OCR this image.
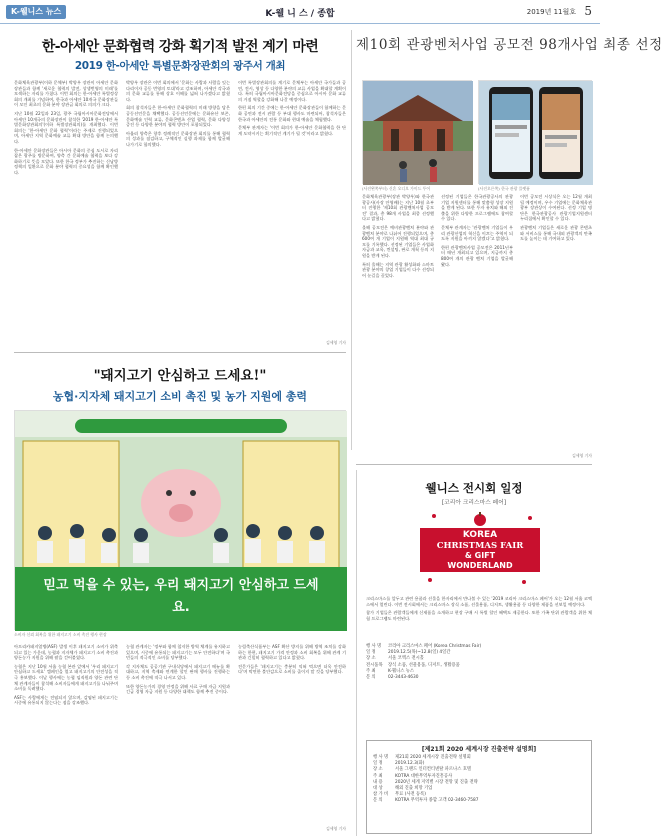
K-웰니스 뉴스	K-웰 니 스 / 종합	2019년 11월호 5
한-아세안 문화협력 강화 획기적 발전 계기 마련
2019 한-아세안 특별문화장관회의 광주서 개최

문화체육관광부(이하 문체부) 박양우 장관이 아세안 문화장관들과 함께 '새로운 협력의 발전, 상생번영의 미래'를 모색하는 자리를 가졌다. 이번 회의는 한-아세안 특별정상회의 개최를 기념하여, 한국과 아세안 10개국 문화장관들이 모인 최초의 문화 분야 장관급 회의로 의의가 크다.

지난 10월 22일과 23일, 광주 국립아시아문화전당에서 아세안 10개국의 문화장관이 참석한 '2019 한-아세안 특별문화장관회의'(이하 특별장관회의)를 개최했다. 이번 회의는 '한-아세안 문화 협력'이라는 주제로 진행되었으며, 아세안 지역 문화예술 교류 확대 방안을 함께 논의했다.

한-아세안 문화장관들은 아시아 문화의 중심 도시로 자리 잡은 광주를 방문하여, 양측 간 문화예술 협력을 보다 강화하기로 뜻을 모았다. 또한 한국 정부가 추진하는 신남방정책의 일환으로 문화 분야 협력의 중요성을 함께 확인했다.

박양우 장관은 이번 회의에서 '문화는 사람과 사람을 잇는 다리이자 공동 번영의 토대'라고 강조하며, 아세안 각국과의 문화 교류를 통해 상호 이해를 넓혀 나가겠다고 밝혔다.

회의 참석자들은 한-아세안 문화협력의 미래 방향을 담은 공동선언문을 채택했다. 공동선언문에는 문화유산 보존, 문화예술 인력 교류, 문화콘텐츠 산업 협력, 문화 다양성 증진 등 다양한 분야의 협력 방안이 포함되었다.

아울러 양측은 향후 정례적인 문화장관 회의를 통해 협력의 성과를 점검하고, 구체적인 실행 과제를 함께 발굴해 나가기로 합의했다.

이번 특별장관회의를 계기로 문체부는 아세안 국가들과 공연, 전시, 영상 등 다양한 분야의 교류 사업을 확대할 계획이다. 특히 국립아시아문화전당을 중심으로 아시아 문화 교류의 거점 역할을 강화해 나갈 예정이다.

한편 회의 기간 중에는 한-아세안 문화장관들이 함께하는 문화 공연과 전시 관람 등 부대 행사도 마련되어, 참석자들은 한국과 아세안의 전통 문화와 현대 예술을 체험했다.

문체부 관계자는 '이번 회의가 한-아세안 문화협력을 한 단계 도약시키는 획기적인 계기가 될 것'이라고 밝혔다.

김세영 기자
제10회 관광벤처사업 공모전 98개사업 최종 선정
(사진왼쪽부터) 신혼 오디오 가이드 투어	(사진오른쪽) 한국 관광 플랫폼

문화체육관광부(장관 박양우)와 한국관광공사(사장 안영배)는 지난 10월 초부터 진행한 '제10회 관광벤처사업 공모전' 결과, 총 98개 사업을 최종 선정했다고 밝혔다.

올해 공모전은 예비관광벤처 분야와 관광벤처 분야로 나뉘어 진행되었으며, 총 600여 개 기업이 지원해 역대 최대 규모를 기록했다. 선정된 기업들은 사업화 자금과 교육, 컨설팅, 판로 개척 등의 지원을 받게 된다.

특히 올해는 지역 관광 활성화와 스마트 관광 분야의 창업 기업들이 다수 선정되어 눈길을 끌었다.

선정된 기업들은 한국관광공사의 관광기업 지원센터를 통해 맞춤형 성장 지원을 받게 된다. 또한 투자 유치와 해외 진출을 위한 다양한 프로그램에도 참여할 수 있다.

문체부 관계자는 '관광벤처 기업들이 우리 관광산업의 혁신을 이끄는 주역이 되도록 지원을 아끼지 않겠다'고 밝혔다.

한편 관광벤처사업 공모전은 2011년부터 매년 개최되고 있으며, 지금까지 총 800여 개의 관광 벤처 기업을 발굴해 왔다.

이번 공모전 시상식은 오는 12월 개최될 예정이며, 우수 기업에는 문화체육관광부 장관상이 수여된다. 선정 기업 명단은 한국관광공사 관광기업지원센터 누리집에서 확인할 수 있다.

관광벤처 기업들은 새로운 관광 콘텐츠와 서비스를 통해 국내외 관광객의 만족도를 높이는 데 기여하고 있다.

김세영 기자
"돼지고기 안심하고 드세요!"
농협·지자체 돼지고기 소비 촉진 및 농가 지원에 총력
믿고 먹을 수 있는, 우리 돼지고기 안심하고 드세요.
소비자 신뢰 회복을 위한 돼지고기 소비 촉진 행사 현장

아프리카돼지열병(ASF) 발생 이후 돼지고기 소비가 위축되고 있는 가운데, 농협과 지자체가 돼지고기 소비 촉진과 양돈농가 지원을 위해 팔을 걷어붙였다.

농협은 지난 10월 서울 농협 본관 앞에서 '우리 돼지고기 안심하고 드세요' 캠페인을 열고 돼지고기의 안전성을 적극 홍보했다. 이날 행사에는 농협 임직원과 양돈 관련 단체 관계자들이 참석해 소비자들에게 돼지고기를 나눠주며 소비를 독려했다.

ASF는 사람에게는 전염되지 않으며, 감염된 돼지고기는 시중에 유통되지 않는다는 점을 강조했다.

농협 관계자는 '정부와 함께 철저한 방역 체계를 유지하고 있으며, 시중에 유통되는 돼지고기는 모두 안전하다'며 국민들의 적극적인 소비를 당부했다.

각 지자체도 공공기관 구내식당에서 돼지고기 메뉴를 확대하고, 지역 축제와 연계한 할인 판매 행사를 진행하는 등 소비 촉진에 적극 나서고 있다.

또한 양돈농가의 경영 안정을 위해 사료 구매 자금 지원과 긴급 경영 자금 지원 등 다양한 대책도 함께 추진 중이다.

농림축산식품부는 ASF 확산 방지를 위해 방역 조치를 강화하는 한편, 돼지고기 가격 안정과 소비 회복을 위해 관계 기관과 긴밀히 협력하고 있다고 밝혔다.

전문가들은 '돼지고기는 충분히 익혀 먹으면 더욱 안전하다'며 막연한 불안감으로 소비를 줄이지 말 것을 당부했다.

김세영 기자
웰니스 전시회 일정
[코리아 크리스마스 페어]
KOREA
CHRISTMAS FAIR
& GIFT
WONDERLAND

크리스마스를 앞두고 관련 용품과 선물을 한자리에서 만나볼 수 있는 '2019 코리아 크리스마스 페어'가 오는 12월 서울 코엑스에서 열린다. 이번 전시회에서는 크리스마스 장식 소품, 선물용품, 디저트, 생활용품 등 다양한 제품을 선보일 예정이다.

참가 기업들은 관람객들에게 신제품을 소개하고 현장 구매 시 특별 할인 혜택도 제공한다. 또한 가족 단위 관람객을 위한 체험 프로그램도 마련된다.

행 사 명	코리아 크리스마스 페어 (Korea Christmas Fair)
일 정	2019.12.5(목)~12.8(일) 4일간
장 소	서울 코엑스 전시홀
전시품목	장식 소품, 선물용품, 디저트, 생활용품
주 최	K-웰니스 뉴스
문 의	02-3443-4630
[제21회 2020 세계시장 진출전략 설명회]
행 사 명	제21회 2020 세계시장 진출전략 설명회
일 정	2019.12.3(화)
장 소	서울 그랜드 인터컨티넨탈 파르나스 호텔
주 최	KOTRA 대한무역투자진흥공사
내 용	2020년 세계 지역별 시장 전망 및 진출 전략
대 상	해외 진출 희망 기업
참 가 비	무료 (사전 등록)
문 의	KOTRA 무역투자 종합 고객 02-3460-7587
